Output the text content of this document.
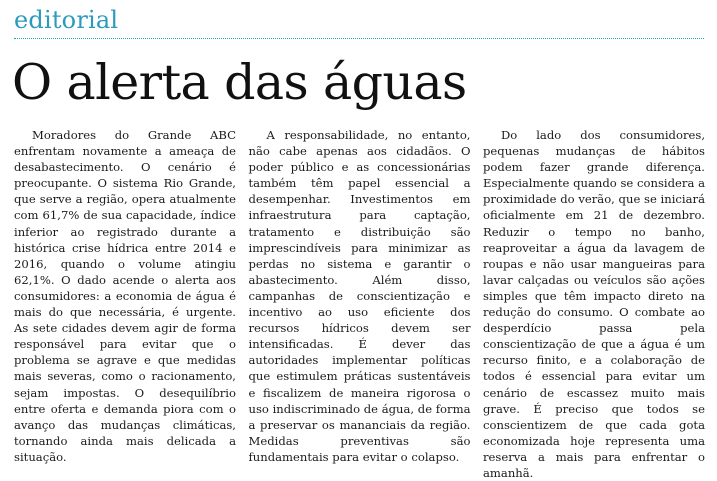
editorial
O alerta das águas

Moradores do Grande ABC enfrentam novamente a ameaça de desabastecimento. O cenário é preocupante. O sistema Rio Grande, que serve a região, opera atualmente com 61,7% de sua capacidade, índice inferior ao registrado durante a histórica crise hídrica entre 2014 e 2016, quando o volume atingiu 62,1%. O dado acende o alerta aos consumidores: a economia de água é mais do que necessária, é urgente. As sete cidades devem agir de forma responsável para evitar que o problema se agrave e que medidas mais severas, como o racionamento, sejam impostas. O desequilíbrio entre oferta e demanda piora com o avanço das mudanças climáticas, tornando ainda mais delicada a situação.

A responsabilidade, no entanto, não cabe apenas aos cidadãos. O poder público e as concessionárias também têm papel essencial a desempenhar. Investimentos em infraestrutura para captação, tratamento e distribuição são imprescindíveis para minimizar as perdas no sistema e garantir o abastecimento. Além disso, campanhas de conscientização e incentivo ao uso eficiente dos recursos hídricos devem ser intensificadas. É dever das autoridades implementar políticas que estimulem práticas sustentáveis e fiscalizem de maneira rigorosa o uso indiscriminado de água, de forma a preservar os mananciais da região. Medidas preventivas são fundamentais para evitar o colapso.

Do lado dos consumidores, pequenas mudanças de hábitos podem fazer grande diferença. Especialmente quando se considera a proximidade do verão, que se iniciará oficialmente em 21 de dezembro. Reduzir o tempo no banho, reaproveitar a água da lavagem de roupas e não usar mangueiras para lavar calçadas ou veículos são ações simples que têm impacto direto na redução do consumo. O combate ao desperdício passa pela conscientização de que a água é um recurso finito, e a colaboração de todos é essencial para evitar um cenário de escassez muito mais grave. É preciso que todos se conscientizem de que cada gota economizada hoje representa uma reserva a mais para enfrentar o amanhã.
